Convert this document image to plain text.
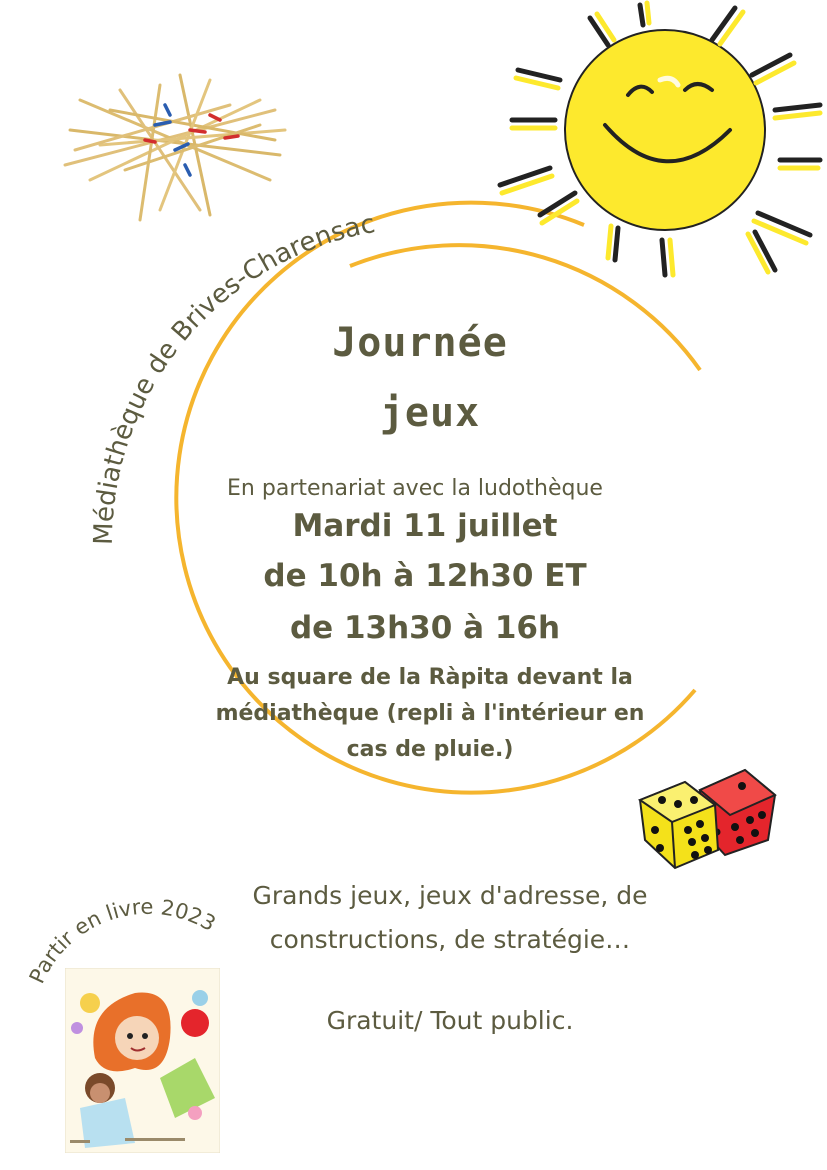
Médiathèque de Brives-Charensac
Partir en livre 2023
Journée
jeux
En partenariat avec la ludothèque
Mardi 11 juillet
de 10h à 12h30 ET
de 13h30 à 16h
Au square de la Ràpita devant la
médiathèque (repli à l'intérieur en
cas de pluie.)
Grands jeux, jeux d'adresse, de
constructions, de stratégie…
Gratuit/ Tout public.
